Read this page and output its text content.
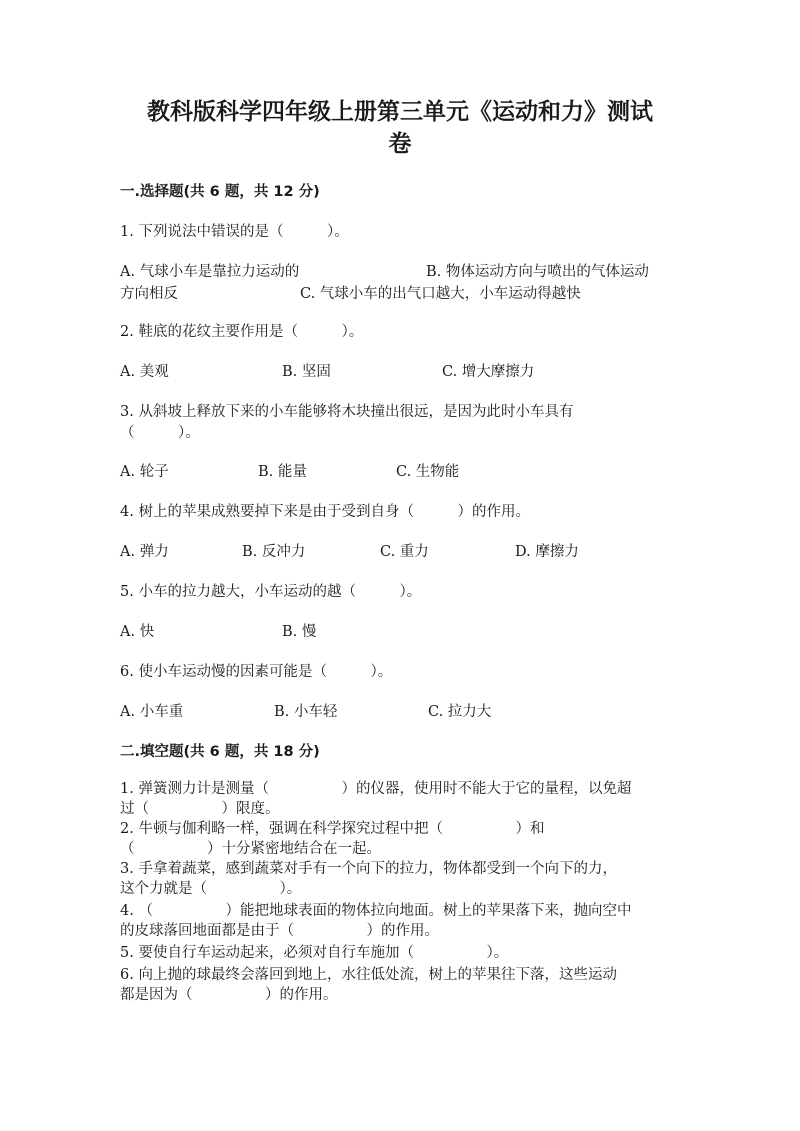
教科版科学四年级上册第三单元《运动和力》测试
卷
一.选择题(共 6 题，共 12 分)
1. 下列说法中错误的是（　　　）。
A. 气球小车是靠拉力运动的	B. 物体运动方向与喷出的气体运动
方向相反	C. 气球小车的出气口越大，小车运动得越快
2. 鞋底的花纹主要作用是（　　　）。
A. 美观	B. 坚固	C. 增大摩擦力
3. 从斜坡上释放下来的小车能够将木块撞出很远，是因为此时小车具有
（　　　）。
A. 轮子	B. 能量	C. 生物能
4. 树上的苹果成熟要掉下来是由于受到自身（　　　）的作用。
A. 弹力	B. 反冲力	C. 重力	D. 摩擦力
5. 小车的拉力越大，小车运动的越（　　　）。
A. 快	B. 慢
6. 使小车运动慢的因素可能是（　　　）。
A. 小车重	B. 小车轻	C. 拉力大
二.填空题(共 6 题，共 18 分)
1. 弹簧测力计是测量（　　　　　）的仪器，使用时不能大于它的量程，以免超
过（　　　　　）限度。
2. 牛顿与伽利略一样，强调在科学探究过程中把（　　　　　）和
（　　　　　）十分紧密地结合在一起。
3. 手拿着蔬菜，感到蔬菜对手有一个向下的拉力，物体都受到一个向下的力，
这个力就是（　　　　　）。
4. （　　　　　）能把地球表面的物体拉向地面。树上的苹果落下来，抛向空中
的皮球落回地面都是由于（　　　　　）的作用。
5. 要使自行车运动起来，必须对自行车施加（　　　　　）。
6. 向上抛的球最终会落回到地上，水往低处流，树上的苹果往下落，这些运动
都是因为（　　　　　）的作用。
